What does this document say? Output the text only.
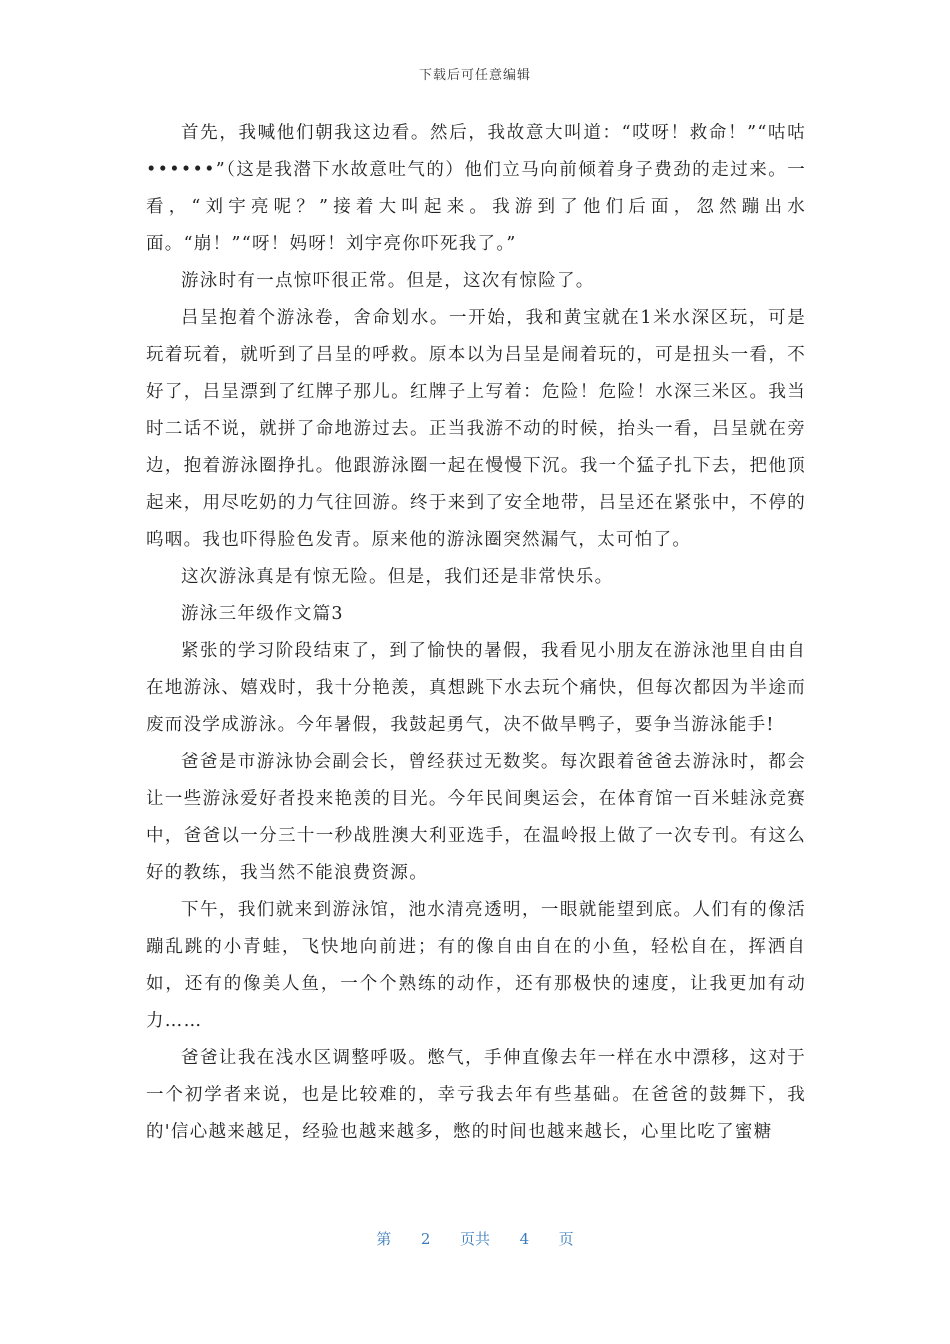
下载后可任意编辑

首先，我喊他们朝我这边看。然后，我故意大叫道：“哎呀！救命！”“咕咕••••••”（这是我潜下水故意吐气的）他们立马向前倾着身子费劲的走过来。一看，“刘宇亮呢？”接着大叫起来。我游到了他们后面，忽然蹦出水面。“崩！”“呀！妈呀！刘宇亮你吓死我了。”

游泳时有一点惊吓很正常。但是，这次有惊险了。

吕呈抱着个游泳卷，舍命划水。一开始，我和黄宝就在1米水深区玩，可是玩着玩着，就听到了吕呈的呼救。原本以为吕呈是闹着玩的，可是扭头一看，不好了，吕呈漂到了红牌子那儿。红牌子上写着：危险！危险！水深三米区。我当时二话不说，就拼了命地游过去。正当我游不动的时候，抬头一看，吕呈就在旁边，抱着游泳圈挣扎。他跟游泳圈一起在慢慢下沉。我一个猛子扎下去，把他顶起来，用尽吃奶的力气往回游。终于来到了安全地带，吕呈还在紧张中，不停的呜咽。我也吓得脸色发青。原来他的游泳圈突然漏气，太可怕了。

这次游泳真是有惊无险。但是，我们还是非常快乐。

游泳三年级作文篇3

紧张的学习阶段结束了，到了愉快的暑假，我看见小朋友在游泳池里自由自在地游泳、嬉戏时，我十分艳羡，真想跳下水去玩个痛快，但每次都因为半途而废而没学成游泳。今年暑假，我鼓起勇气，决不做旱鸭子，要争当游泳能手!

爸爸是市游泳协会副会长，曾经获过无数奖。每次跟着爸爸去游泳时，都会让一些游泳爱好者投来艳羡的目光。今年民间奥运会，在体育馆一百米蛙泳竞赛中，爸爸以一分三十一秒战胜澳大利亚选手，在温岭报上做了一次专刊。有这么好的教练，我当然不能浪费资源。

下午，我们就来到游泳馆，池水清亮透明，一眼就能望到底。人们有的像活蹦乱跳的小青蛙，飞快地向前进；有的像自由自在的小鱼，轻松自在，挥洒自如，还有的像美人鱼，一个个熟练的动作，还有那极快的速度，让我更加有动力……

爸爸让我在浅水区调整呼吸。憋气，手伸直像去年一样在水中漂移，这对于一个初学者来说，也是比较难的，幸亏我去年有些基础。在爸爸的鼓舞下，我的'信心越来越足，经验也越来越多，憋的时间也越来越长，心里比吃了蜜糖

第 2 页共 4 页
